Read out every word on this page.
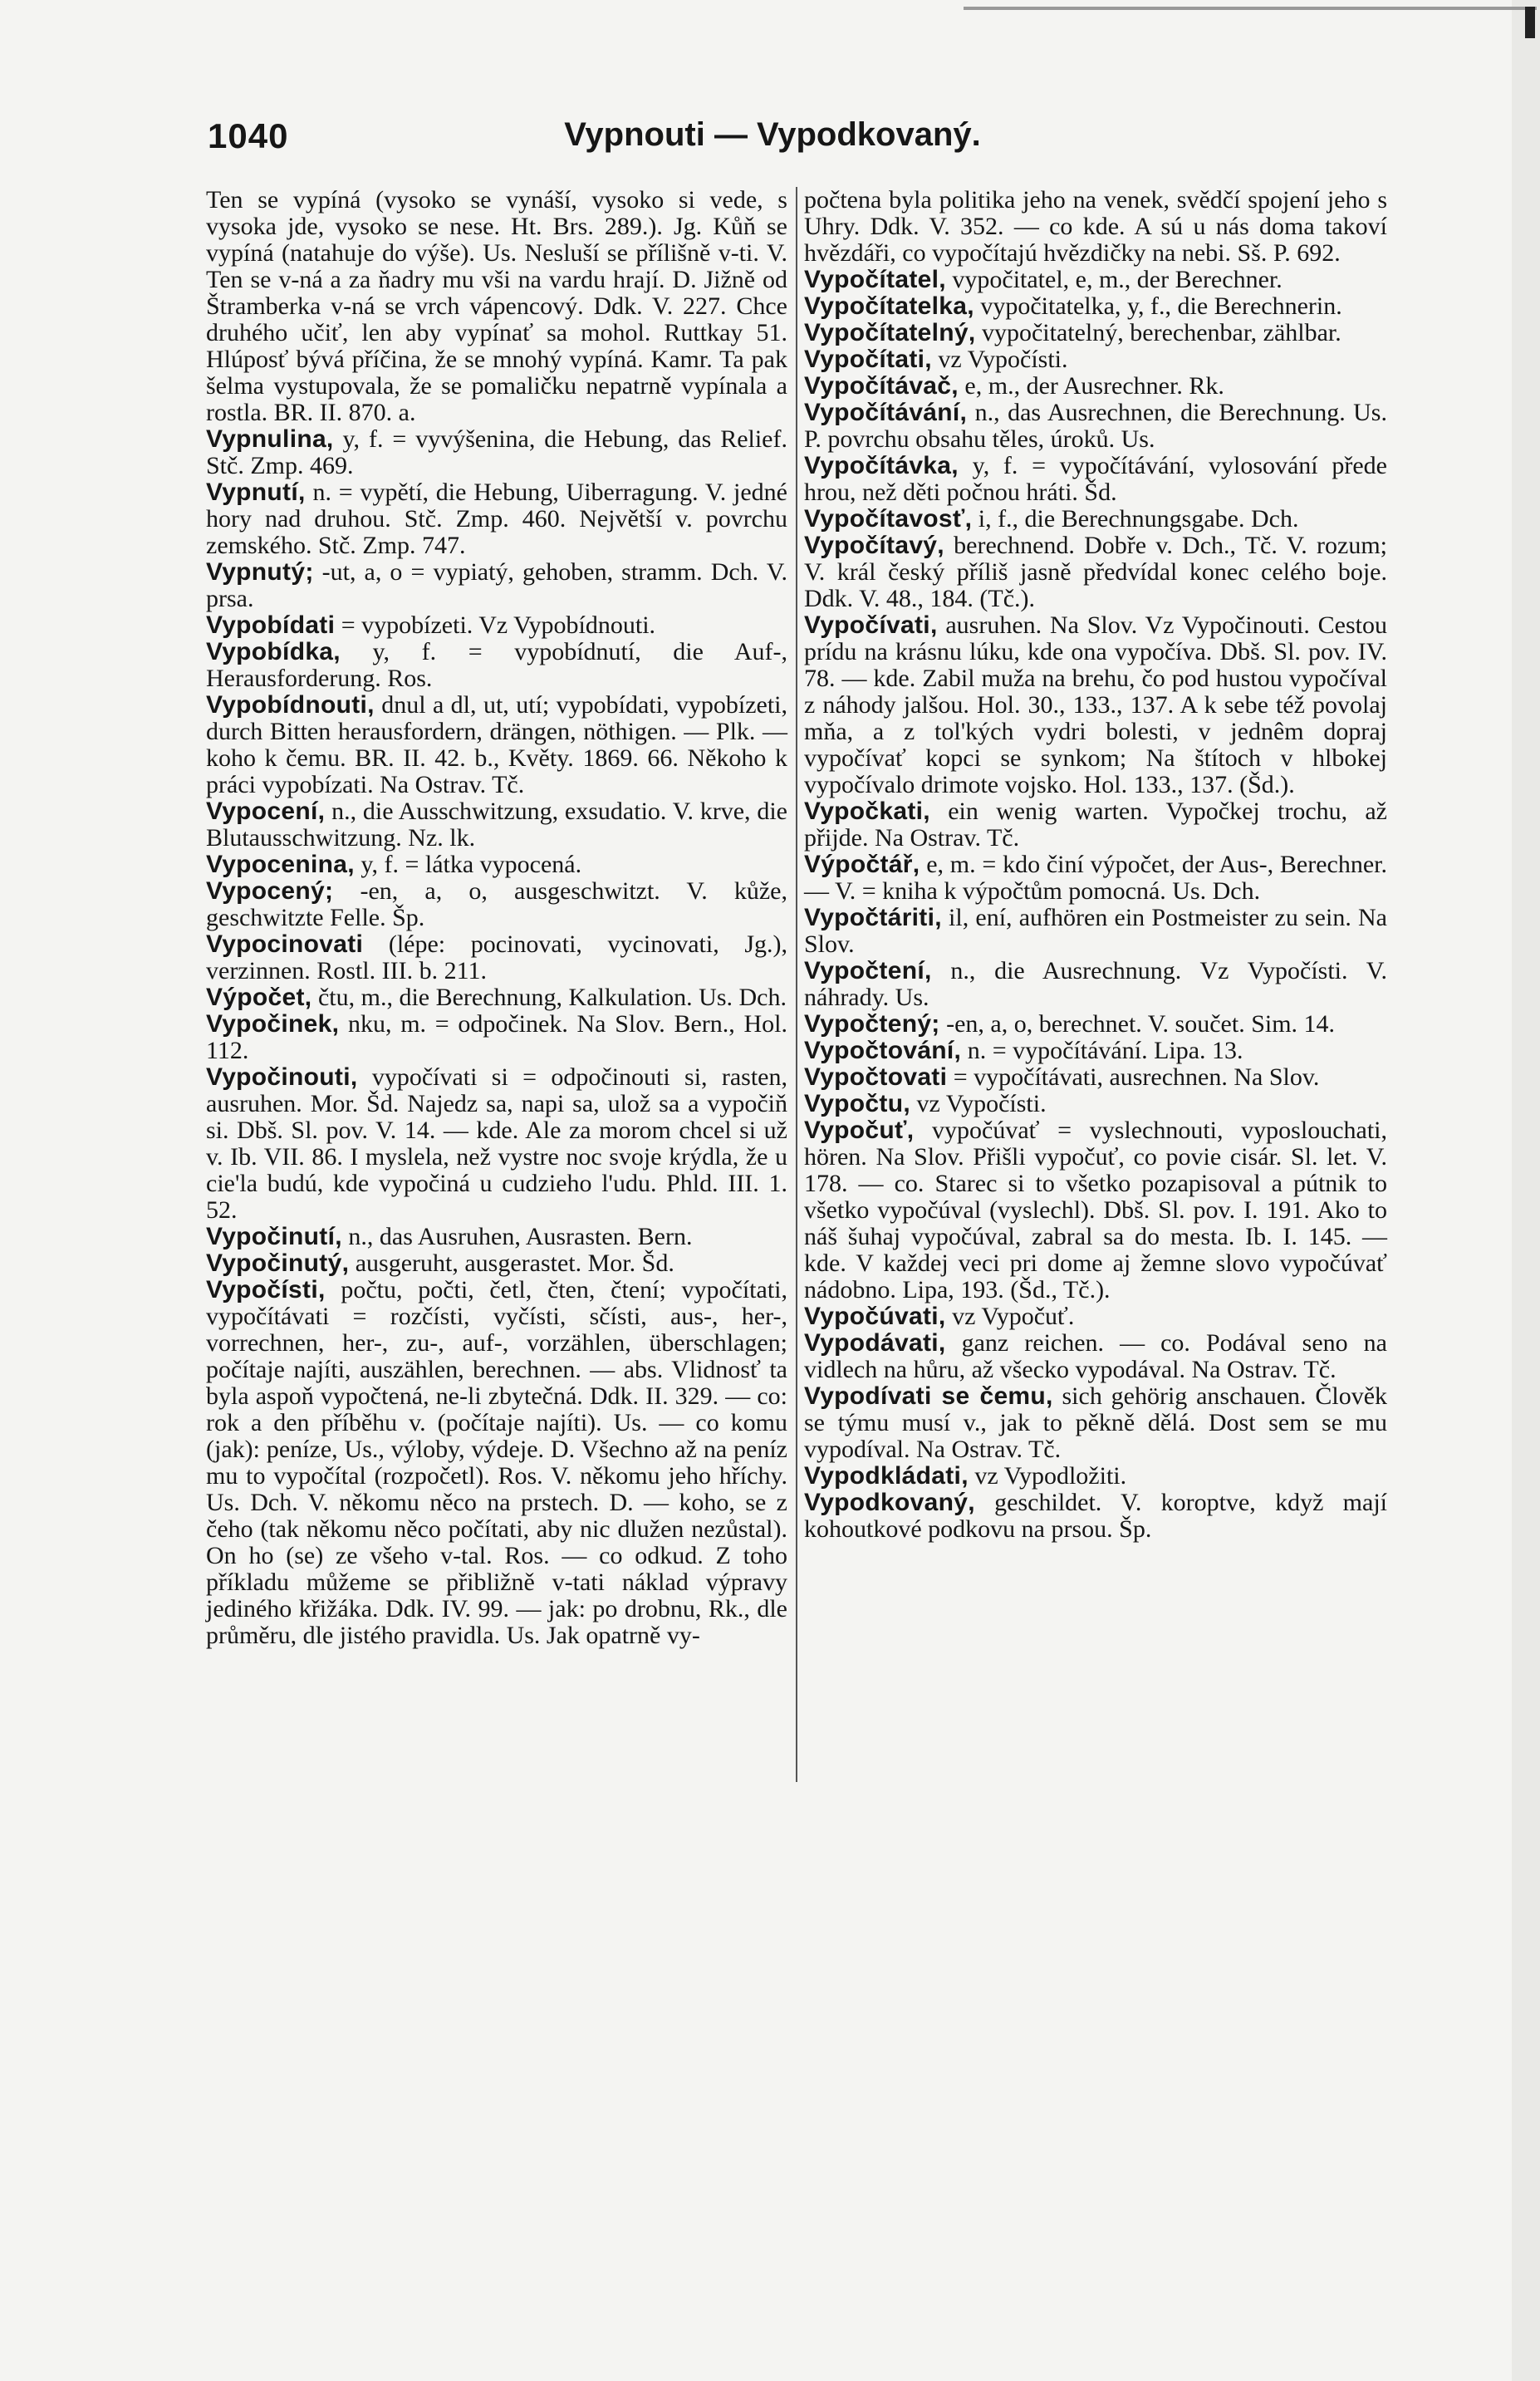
1040	Vypnouti — Vypodkovaný.

Ten se vypíná (vysoko se vynáší, vysoko si vede, s vysoka jde, vysoko se nese. Ht. Brs. 289.). Jg. Kůň se vypíná (natahuje do výše). Us. Nesluší se přílišně v-ti. V. Ten se v-ná a za ňadry mu vši na vardu hrají. D. Jižně od Štramberka v-ná se vrch vápencový. Ddk. V. 227. Chce druhého učiť, len aby vypínať sa mohol. Ruttkay 51. Hlúposť bývá příčina, že se mnohý vypíná. Kamr. Ta pak šelma vystupovala, že se pomaličku nepatrně vypínala a rostla. BR. II. 870. a.

Vypnulina, y, f. = vyvýšenina, die Hebung, das Relief. Stč. Zmp. 469.

Vypnutí, n. = vypětí, die Hebung, Uiberragung. V. jedné hory nad druhou. Stč. Zmp. 460. Největší v. povrchu zemského. Stč. Zmp. 747.

Vypnutý; -ut, a, o = vypiatý, gehoben, stramm. Dch. V. prsa.

Vypobídati = vypobízeti. Vz Vypobídnouti.

Vypobídka, y, f. = vypobídnutí, die Auf-, Herausforderung. Ros.

Vypobídnouti, dnul a dl, ut, utí; vypobídati, vypobízeti, durch Bitten herausfordern, drängen, nöthigen. — Plk. — koho k čemu. BR. II. 42. b., Květy. 1869. 66. Někoho k práci vypobízati. Na Ostrav. Tč.

Vypocení, n., die Ausschwitzung, exsudatio. V. krve, die Blutausschwitzung. Nz. lk.

Vypocenina, y, f. = látka vypocená.

Vypocený; -en, a, o, ausgeschwitzt. V. kůže, geschwitzte Felle. Šp.

Vypocinovati (lépe: pocinovati, vycinovati, Jg.), verzinnen. Rostl. III. b. 211.

Výpočet, čtu, m., die Berechnung, Kalkulation. Us. Dch.

Vypočinek, nku, m. = odpočinek. Na Slov. Bern., Hol. 112.

Vypočinouti, vypočívati si = odpočinouti si, rasten, ausruhen. Mor. Šd. Najedz sa, napi sa, ulož sa a vypočiň si. Dbš. Sl. pov. V. 14. — kde. Ale za morom chcel si už v. Ib. VII. 86. I myslela, než vystre noc svoje krýdla, že u cie'la budú, kde vypočiná u cudzieho l'udu. Phld. III. 1. 52.

Vypočinutí, n., das Ausruhen, Ausrasten. Bern.

Vypočinutý, ausgeruht, ausgerastet. Mor. Šd.

Vypočísti, počtu, počti, četl, čten, čtení; vypočítati, vypočítávati = rozčísti, vyčísti, sčísti, aus-, her-, vorrechnen, her-, zu-, auf-, vorzählen, überschlagen; počítaje najíti, auszählen, berechnen. — abs. Vlidnosť ta byla aspoň vypočtená, ne-li zbytečná. Ddk. II. 329. — co: rok a den příběhu v. (počítaje najíti). Us. — co komu (jak): peníze, Us., výloby, výdeje. D. Všechno až na peníz mu to vypočítal (rozpočetl). Ros. V. někomu jeho hříchy. Us. Dch. V. někomu něco na prstech. D. — koho, se z čeho (tak někomu něco počítati, aby nic dlužen nezůstal). On ho (se) ze všeho v-tal. Ros. — co odkud. Z toho příkladu můžeme se přibližně v-tati náklad výpravy jediného křižáka. Ddk. IV. 99. — jak: po drobnu, Rk., dle průměru, dle jistého pravidla. Us. Jak opatrně vy-

počtena byla politika jeho na venek, svědčí spojení jeho s Uhry. Ddk. V. 352. — co kde. A sú u nás doma takoví hvězdáři, co vypočítajú hvězdičky na nebi. Sš. P. 692.

Vypočítatel, vypočitatel, e, m., der Berechner.

Vypočítatelka, vypočitatelka, y, f., die Berechnerin.

Vypočítatelný, vypočitatelný, berechenbar, zählbar.

Vypočítati, vz Vypočísti.

Vypočítávač, e, m., der Ausrechner. Rk.

Vypočítávání, n., das Ausrechnen, die Berechnung. Us. P. povrchu obsahu těles, úroků. Us.

Vypočítávka, y, f. = vypočítávání, vylosování přede hrou, než děti počnou hráti. Šd.

Vypočítavosť, i, f., die Berechnungsgabe. Dch.

Vypočítavý, berechnend. Dobře v. Dch., Tč. V. rozum; V. král český příliš jasně předvídal konec celého boje. Ddk. V. 48., 184. (Tč.).

Vypočívati, ausruhen. Na Slov. Vz Vypočinouti. Cestou prídu na krásnu lúku, kde ona vypočíva. Dbš. Sl. pov. IV. 78. — kde. Zabil muža na brehu, čo pod hustou vypočíval z náhody jalšou. Hol. 30., 133., 137. A k sebe též povolaj mňa, a z tol'kých vydri bolesti, v jednêm dopraj vypočívať kopci se synkom; Na štítoch v hlbokej vypočívalo drimote vojsko. Hol. 133., 137. (Šd.).

Vypočkati, ein wenig warten. Vypočkej trochu, až přijde. Na Ostrav. Tč.

Výpočtář, e, m. = kdo činí výpočet, der Aus-, Berechner. — V. = kniha k výpočtům pomocná. Us. Dch.

Vypočtáriti, il, ení, aufhören ein Postmeister zu sein. Na Slov.

Vypočtení, n., die Ausrechnung. Vz Vypočísti. V. náhrady. Us.

Vypočtený; -en, a, o, berechnet. V. součet. Sim. 14.

Vypočtování, n. = vypočítávání. Lipa. 13.

Vypočtovati = vypočítávati, ausrechnen. Na Slov.

Vypočtu, vz Vypočísti.

Vypočuť, vypočúvať = vyslechnouti, vyposlouchati, hören. Na Slov. Přišli vypočuť, co povie cisár. Sl. let. V. 178. — co. Starec si to všetko pozapisoval a pútnik to všetko vypočúval (vyslechl). Dbš. Sl. pov. I. 191. Ako to náš šuhaj vypočúval, zabral sa do mesta. Ib. I. 145. — kde. V každej veci pri dome aj žemne slovo vypočúvať nádobno. Lipa, 193. (Šd., Tč.).

Vypočúvati, vz Vypočuť.

Vypodávati, ganz reichen. — co. Podával seno na vidlech na hůru, až všecko vypodával. Na Ostrav. Tč.

Vypodívati se čemu, sich gehörig anschauen. Člověk se týmu musí v., jak to pěkně dělá. Dost sem se mu vypodíval. Na Ostrav. Tč.

Vypodkládati, vz Vypodložiti.

Vypodkovaný, geschildet. V. koroptve, když mají kohoutkové podkovu na prsou. Šp.
